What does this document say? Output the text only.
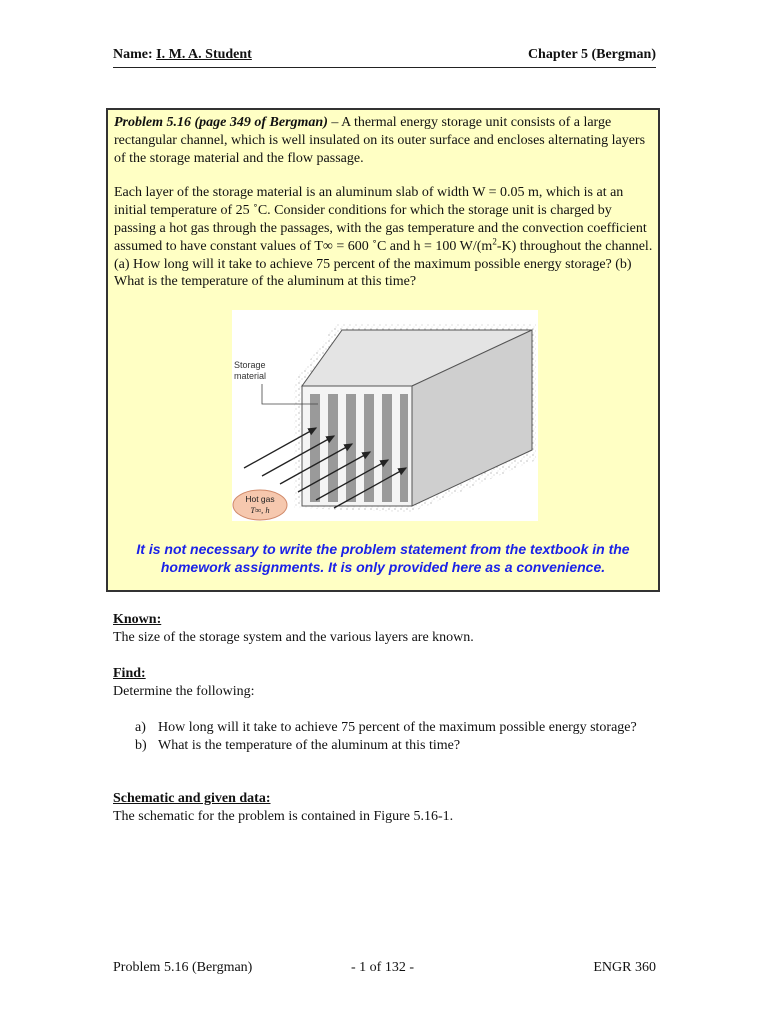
Name: I. M. A. Student	Chapter 5 (Bergman)

Problem 5.16 (page 349 of Bergman) – A thermal energy storage unit consists of a large rectangular channel, which is well insulated on its outer surface and encloses alternating layers of the storage material and the flow passage.

Each layer of the storage material is an aluminum slab of width W = 0.05 m, which is at an initial temperature of 25 ˚C. Consider conditions for which the storage unit is charged by passing a hot gas through the passages, with the gas temperature and the convection coefficient assumed to have constant values of T∞ = 600 ˚C and h = 100 $W/(m^2-K)$ throughout the channel. (a) How long will it take to achieve 75 percent of the maximum possible energy storage? (b) What is the temperature of the aluminum at this time?

Storage
material
Hot gas
T∞, h
It is not necessary to write the problem statement from the textbook in the
homework assignments. It is only provided here as a convenience.
Known:
The size of the storage system and the various layers are known.
Find:
Determine the following:
a) How long will it take to achieve 75 percent of the maximum possible energy storage?
b) What is the temperature of the aluminum at this time?
Schematic and given data:
The schematic for the problem is contained in Figure 5.16-1.
Problem 5.16 (Bergman)	- 1 of 132 -	ENGR 360
